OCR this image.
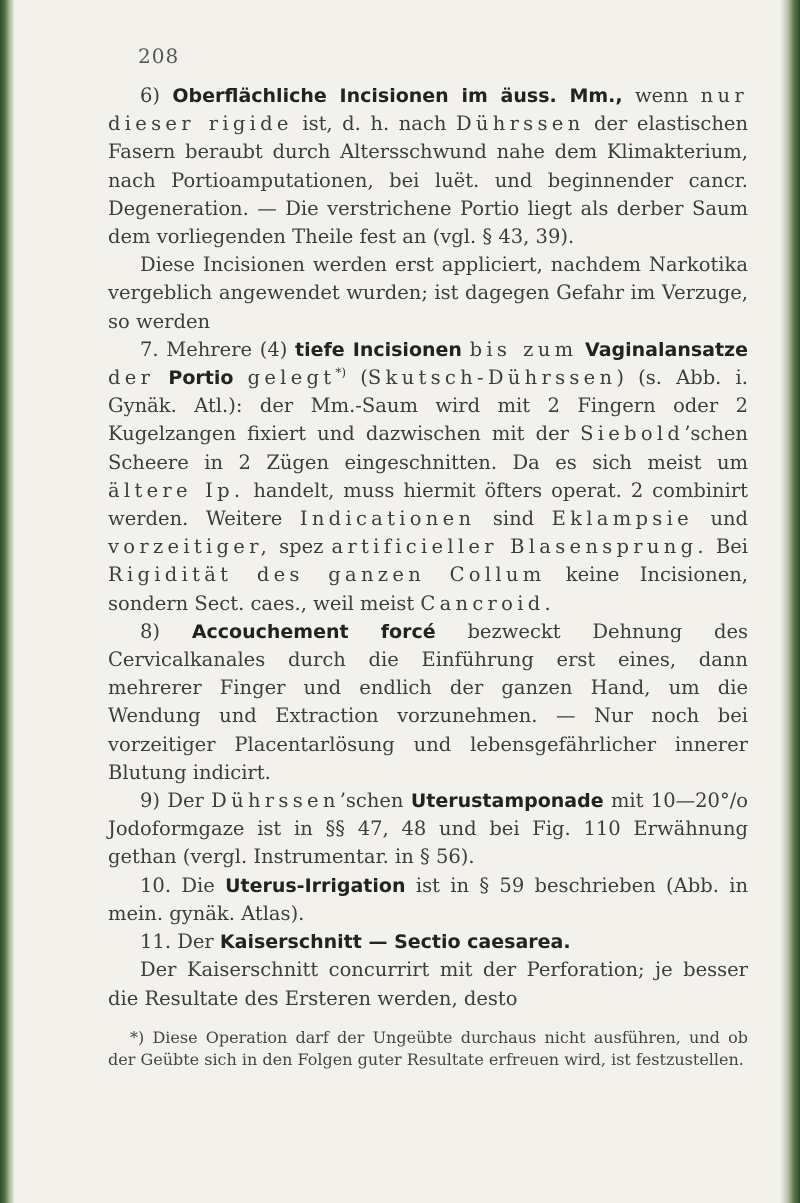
208

6) Oberflächliche Incisionen im äuss. Mm., wenn nur dieser rigide ist, d. h. nach Dührssen der elastischen Fasern beraubt durch Altersschwund nahe dem Klimakterium, nach Portioamputationen, bei luët. und beginnender cancr. Degeneration. — Die verstrichene Portio liegt als derber Saum dem vorliegenden Theile fest an (vgl. § 43, 39).

Diese Incisionen werden erst appliciert, nachdem Narkotika vergeblich angewendet wurden; ist dagegen Gefahr im Verzuge, so werden

7. Mehrere (4) tiefe Incisionen bis zum Vaginalansatze der Portio gelegt*) (Skutsch-Dührssen) (s. Abb. i. Gynäk. Atl.): der Mm.-Saum wird mit 2 Fingern oder 2 Kugelzangen fixiert und dazwischen mit der Siebold’schen Scheere in 2 Zügen eingeschnitten. Da es sich meist um ältere Ip. handelt, muss hiermit öfters operat. 2 combinirt werden. Weitere Indicationen sind Eklampsie und vorzeitiger, spez artificieller Blasensprung. Bei Rigidität des ganzen Collum keine Incisionen, sondern Sect. caes., weil meist Cancroid.

8) Accouchement forcé bezweckt Dehnung des Cervicalkanales durch die Einführung erst eines, dann mehrerer Finger und endlich der ganzen Hand, um die Wendung und Extraction vorzunehmen. — Nur noch bei vorzeitiger Placentarlösung und lebensgefährlicher innerer Blutung indicirt.

9) Der Dührssen’schen Uterustamponade mit 10—20°/o Jodoformgaze ist in §§ 47, 48 und bei Fig. 110 Erwähnung gethan (vergl. Instrumentar. in § 56).

10. Die Uterus-Irrigation ist in § 59 beschrieben (Abb. in mein. gynäk. Atlas).

11. Der Kaiserschnitt — Sectio caesarea.

Der Kaiserschnitt concurrirt mit der Perforation; je besser die Resultate des Ersteren werden, desto

*) Diese Operation darf der Ungeübte durchaus nicht ausführen, und ob der Geübte sich in den Folgen guter Resultate erfreuen wird, ist festzustellen.
